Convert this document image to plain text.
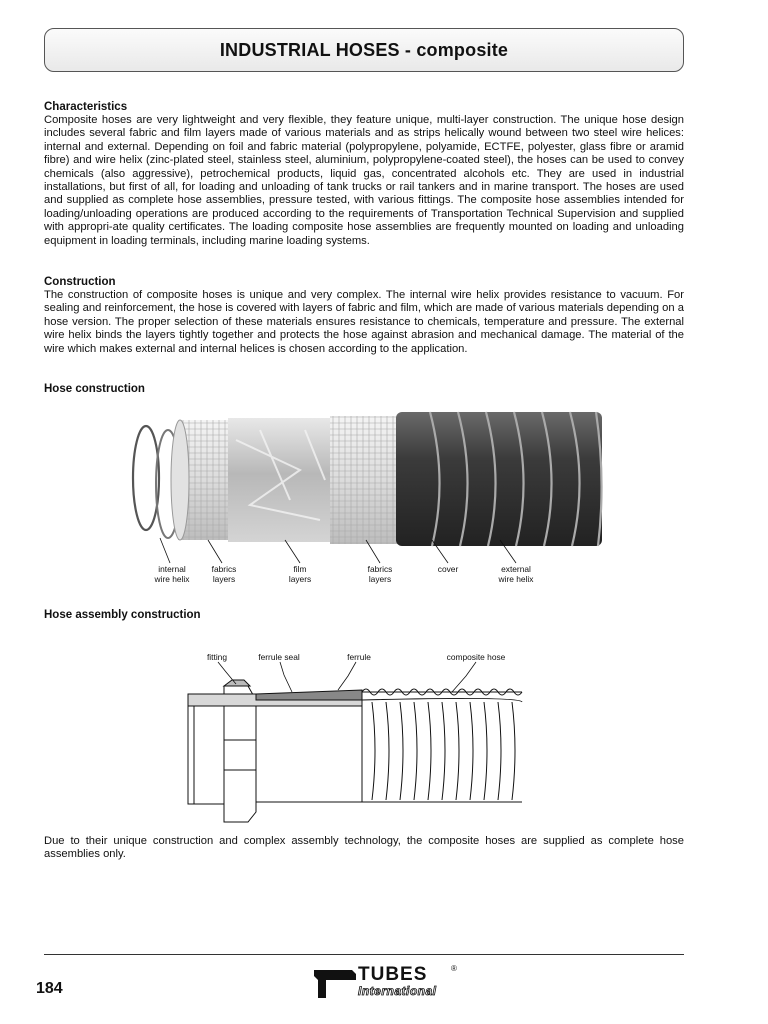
INDUSTRIAL HOSES - composite
Characteristics
Composite hoses are very lightweight and very flexible, they feature unique, multi-layer construction. The unique hose design includes several fabric and film layers made of various materials and as strips helically wound between two steel wire helices: internal and external. Depending on foil and fabric material (polypropylene, polyamide, ECTFE, polyester, glass fibre or aramid fibre) and wire helix (zinc-plated steel, stainless steel, aluminium, polypropylene-coated steel), the hoses can be used to convey chemicals (also aggressive), petrochemical products, liquid gas, concentrated alcohols etc. They are used in industrial installations, but first of all, for loading and unloading of tank trucks or rail tankers and in marine transport. The hoses are used and supplied as complete hose assemblies, pressure tested, with various fittings. The composite hose assemblies intended for loading/unloading operations are produced according to the requirements of Transportation Technical Supervision and supplied with appropri-ate quality certificates. The loading composite hose assemblies are frequently mounted on loading and unloading equipment in loading terminals, including marine loading systems.
Construction
The construction of composite hoses is unique and very complex. The internal wire helix provides resistance to vacuum. For sealing and reinforcement, the hose is covered with layers of fabric and film, which are made of various materials depending on a hose version. The proper selection of these materials ensures resistance to chemicals, temperature and pressure. The external wire helix binds the layers tightly together and protects the hose against abrasion and mechanical damage. The material of the wire which makes external and internal helices is chosen according to the application.
Hose construction
internal
wire helix
fabrics
layers
film
layers
fabrics
layers
cover	external
wire helix
Hose assembly construction
fitting	ferrule seal	ferrule	composite hose
Due to their unique construction and complex assembly technology, the composite hoses are supplied as complete hose assemblies only.
184
TUBES	®
International
